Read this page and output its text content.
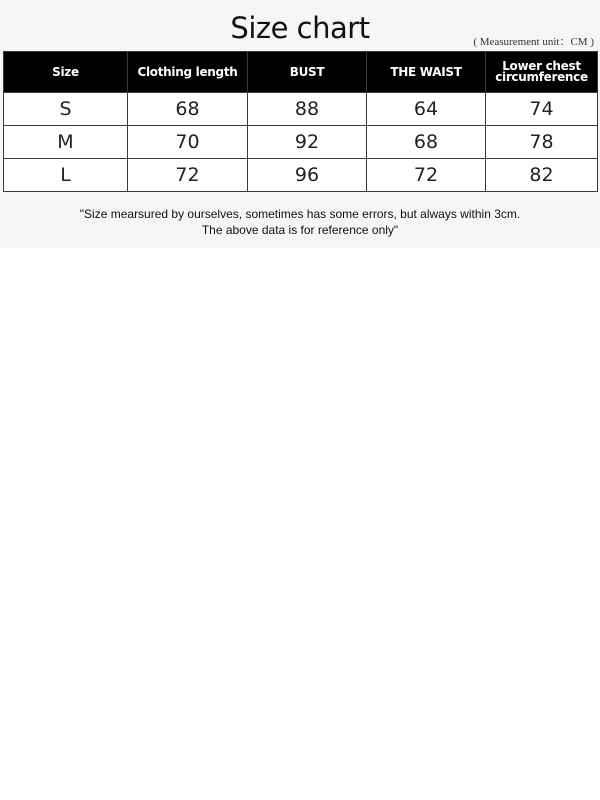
Size chart	( Measurement unit：CM )
Size	Clothing length	BUST	THE WAIST	Lower chest circumference
S	68	88	64	74
M	70	92	68	78
L	72	96	72	82
"Size mearsured by ourselves, sometimes has some errors, but always within 3cm.
The above data is for reference only"
